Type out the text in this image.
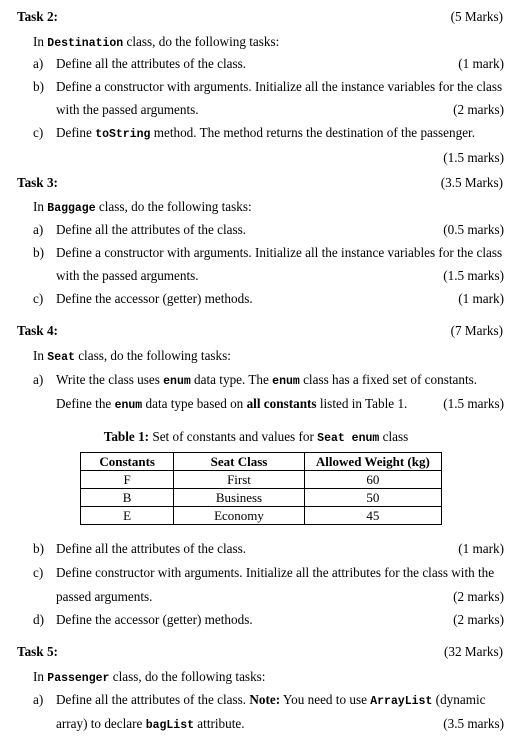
Task 2:	(5 Marks)
In Destination class, do the following tasks:
a) Define all the attributes of the class.	(1 mark)
b) Define a constructor with arguments. Initialize all the instance variables for the class
with the passed arguments.	(2 marks)
c) Define toString method. The method returns the destination of the passenger.
(1.5 marks)
Task 3:	(3.5 Marks)
In Baggage class, do the following tasks:
a) Define all the attributes of the class.	(0.5 marks)
b) Define a constructor with arguments. Initialize all the instance variables for the class
with the passed arguments.	(1.5 marks)
c) Define the accessor (getter) methods.	(1 mark)
Task 4:	(7 Marks)
In Seat class, do the following tasks:
a) Write the class uses enum data type. The enum class has a fixed set of constants.
Define the enum data type based on all constants listed in Table 1.	(1.5 marks)
Table 1: Set of constants and values for Seat enum class
Constants	Seat Class	Allowed Weight (kg)
F	First	60
B	Business	50
E	Economy	45
b) Define all the attributes of the class.	(1 mark)
c) Define constructor with arguments. Initialize all the attributes for the class with the
passed arguments.	(2 marks)
d) Define the accessor (getter) methods.	(2 marks)
Task 5:	(32 Marks)
In Passenger class, do the following tasks:
a) Define all the attributes of the class. Note: You need to use ArrayList (dynamic
array) to declare bagList attribute.	(3.5 marks)
